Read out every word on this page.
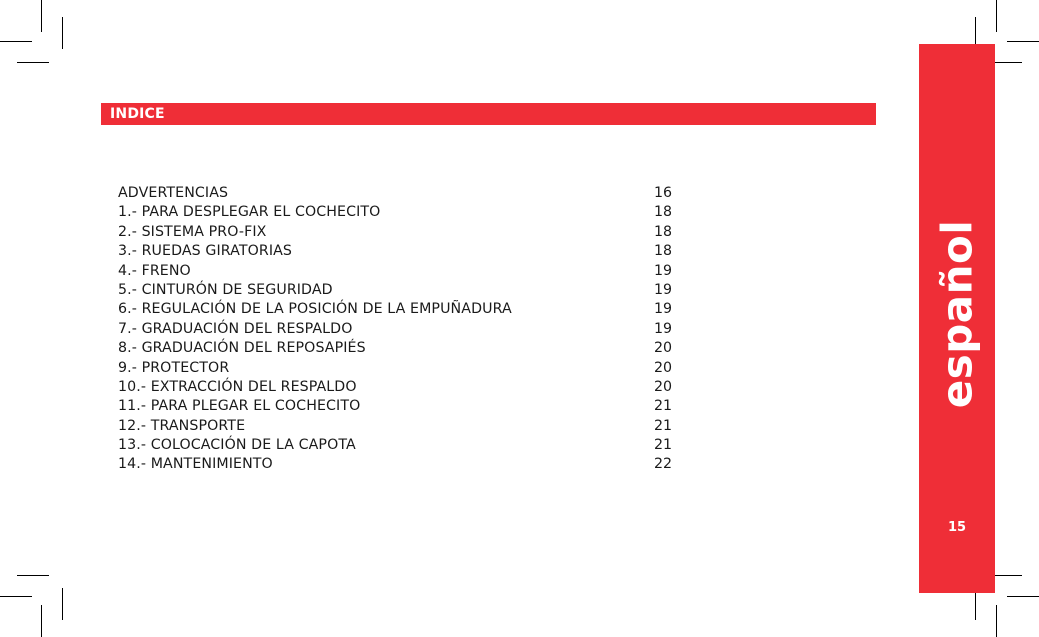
INDICE
ADVERTENCIAS	16
1.- PARA DESPLEGAR EL COCHECITO	18
2.- SISTEMA PRO-FIX	18
3.- RUEDAS GIRATORIAS	18
4.- FRENO	19
5.- CINTURÓN DE SEGURIDAD	19
6.- REGULACIÓN DE LA POSICIÓN DE LA EMPUÑADURA	19
7.- GRADUACIÓN DEL RESPALDO	19
8.- GRADUACIÓN DEL REPOSAPIÉS	20
9.- PROTECTOR	20
10.- EXTRACCIÓN DEL RESPALDO	20
11.- PARA PLEGAR EL COCHECITO	21
12.- TRANSPORTE	21
13.- COLOCACIÓN DE LA CAPOTA	21
14.- MANTENIMIENTO	22
español
15
